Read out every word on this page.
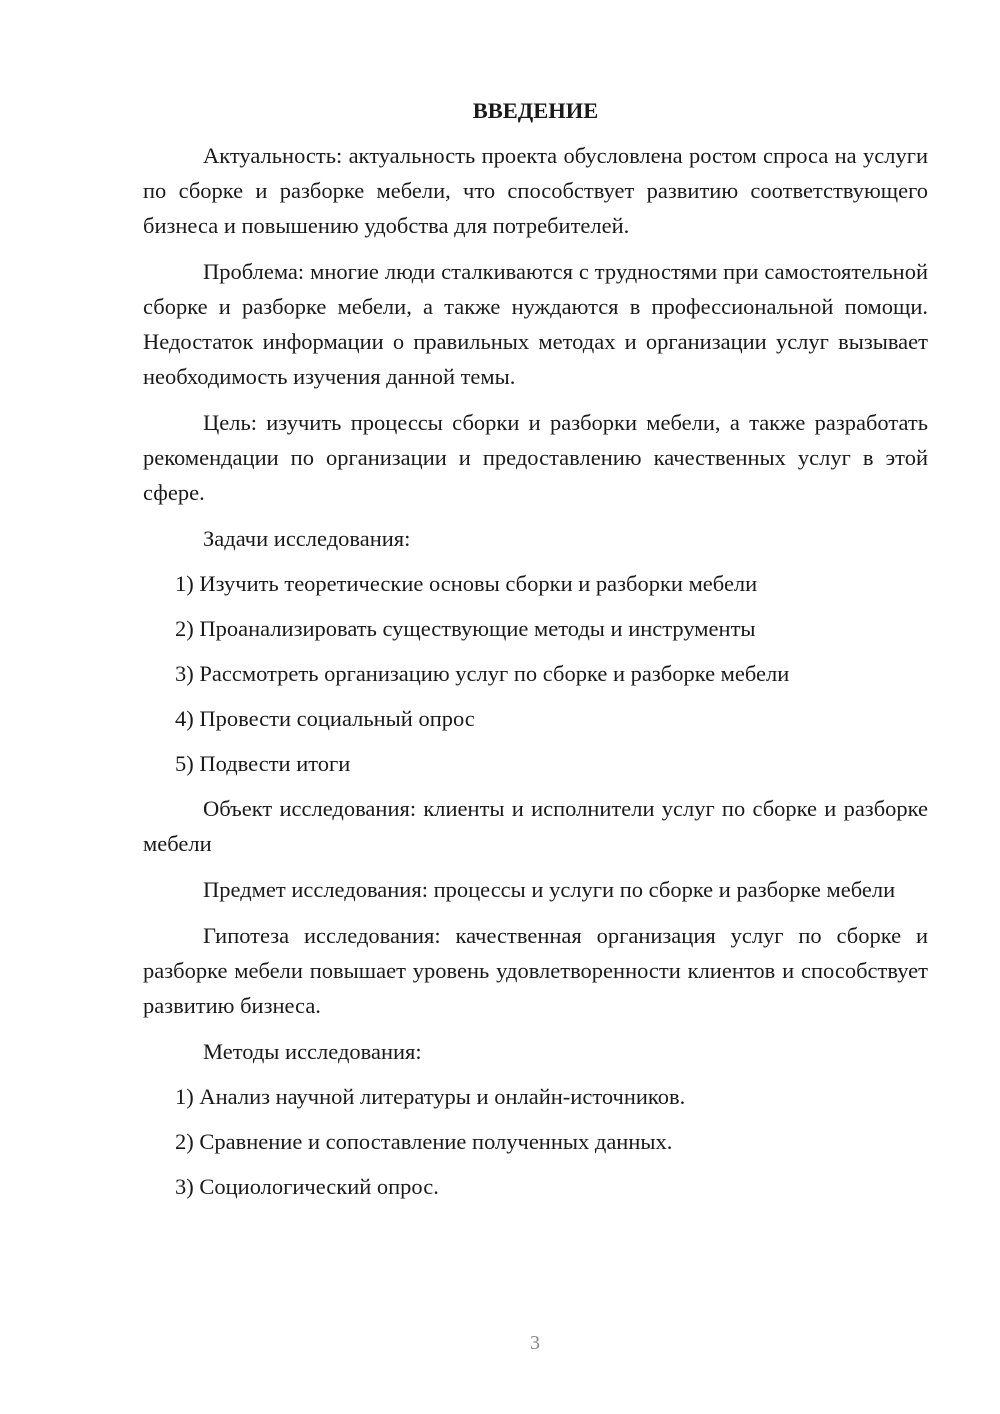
ВВЕДЕНИЕ

Актуальность: актуальность проекта обусловлена ростом спроса на услуги по сборке и разборке мебели, что способствует развитию соответствующего бизнеса и повышению удобства для потребителей.

Проблема: многие люди сталкиваются с трудностями при самостоятельной сборке и разборке мебели, а также нуждаются в профессиональной помощи. Недостаток информации о правильных методах и организации услуг вызывает необходимость изучения данной темы.

Цель: изучить процессы сборки и разборки мебели, а также разработать рекомендации по организации и предоставлению качественных услуг в этой сфере.

Задачи исследования:

1) Изучить теоретические основы сборки и разборки мебели
2) Проанализировать существующие методы и инструменты
3) Рассмотреть организацию услуг по сборке и разборке мебели
4) Провести социальный опрос
5) Подвести итоги

Объект исследования: клиенты и исполнители услуг по сборке и разборке мебели

Предмет исследования: процессы и услуги по сборке и разборке мебели

Гипотеза исследования: качественная организация услуг по сборке и разборке мебели повышает уровень удовлетворенности клиентов и способствует развитию бизнеса.

Методы исследования:

1) Анализ научной литературы и онлайн-источников.
2) Сравнение и сопоставление полученных данных.
3) Социологический опрос.
3
